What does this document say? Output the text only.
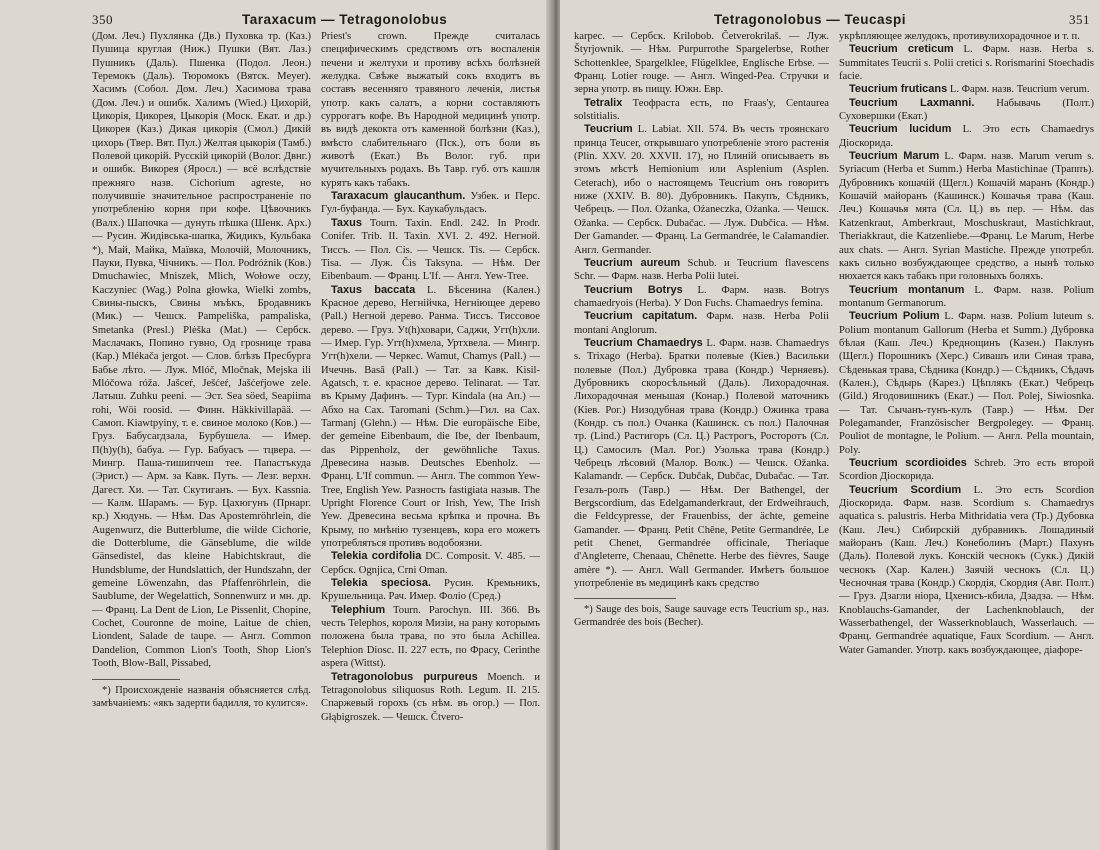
350	Taraxacum — Tetragonolobus

(Дом. Леч.) Пухлянка (Дв.) Пуховка тр. (Каз.) Пушица круглая (Ниж.) Пушки (Вят. Лаз.) Пушникъ (Даль). Пшенка (Подол. Леон.) Теремокъ (Даль). Тюромокъ (Вятск. Meyer). Хасимъ (Собол. Дом. Леч.) Хасимова трава (Дом. Леч.) и ошибк. Халимъ (Wied.) Цихорій, Цикорія, Цикорея, Цыкорія (Моск. Екат. и др.) Цикорея (Каз.) Дикая цикорія (Смол.) Дикій цихорь (Твер. Вят. Пул.) Желтая цыкорія (Тамб.) Полевой цикорій. Русскій цикорій (Волог. Двнг.) и ошибк. Викорея (Яросл.) — всё вслѣдствіе прежняго назв. Cichorium agreste, но получившіе значительное распространеніе по употребленію корня при кофе. Цѣвочникъ (Валх.) Шапочка — дунуть пѣшка (Шенк. Арх.) — Русин. Жидівська-шапка, Жидикъ, Кульбака *), Май, Майка, Маївка, Молочій, Молочникъ, Пауки, Пувка, Чічникъ. — Пол. Podróżnik (Ков.) Dmuchawiec, Mniszek, Mlich, Wołowe oczy, Kaczyniec (Wag.) Polna głowka, Wielki zombъ, Свины-пыскъ, Свины мъѣкъ, Бродавникъ (Мик.) — Чешск. Pampeliška, pampaliska, Smetanka (Presl.) Plėška (Mat.) — Сербск. Маслачакъ, Попино гувно, Од гроsнице трава (Кар.) Mlékača jergot. — Слов. блѣзъ Пресбурга Бабье лѣто. — Луж. Mlóč, Mločnak, Mejska ili Mlóčowa róža. Jašceŕ, Ješćeŕ, Jašćeŕjowe zele. Латыш. Zuhku peeni. — Эст. Sea söed, Seapiima rohi, Wöi roosid. — Финн. Häkkivillapää. — Самоп. Kiawtpyiny, т. е. свиное молоко (Ков.) — Груз. Бабусагдзала, Бурбушела. — Имер. П(h)у(h), бабуа. — Гур. Бабуасъ — тцвера. — Мингр. Паша-тишипчеш тее. Папастъкуда (Эрист.) — Арм. за Кавк. Путь. — Лезг. верхн. Дагест. Хи. — Тат. Скутиганъ. — Бух. Kassnia. — Калм. Шарамъ. — Бур. Цахюгунъ (Прнарг. кр.) Хюдунь. — Нѣм. Das Apostemröhrlein, die Augenwurz, die Butterblume, die wilde Cichorie, die Dotterblume, die Gänseblume, die wilde Gänsedistel, das kleine Habichtskraut, die Hundsblume, der Hundslattich, der Hundszahn, der gemeine Löwenzahn, das Pfaffenröhrlein, die Saublume, der Wegelattich, Sonnenwurz и мн. др. — Франц. La Dent de Lion, Le Pissenlit, Chopine, Cochet, Couronne de moine, Laitue de chien, Liondent, Salade de taupe. — Англ. Common Dandelion, Common Lion's Tooth, Shop Lion's Tooth, Blow-Ball, Pissabed,

*) Происхожденіе названія объясняется слѣд. замѣчаніемъ: «якъ задерти бадилля, то кулится».

Priest's crown. Прежде считалась специфическимъ средствомъ отъ воспаленія печени и желтухи и противу всѣхъ болѣзней желудка. Свѣже выжатый сокъ входитъ въ составъ весенняго травяного леченія, листья употр. какъ салатъ, а корни составляютъ суррогатъ кофе. Въ Народной медицинѣ употр. въ видѣ декокта отъ каменной болѣзни (Каз.), вмѣсто слабительнаго (Пск.), отъ боли въ животѣ (Екат.) Въ Волог. губ. при мучительныхъ родахъ. Въ Тавр. губ. отъ кашля курятъ какъ табакъ.

Taraxacum glaucanthum. Узбек. и Перс. Гул-буфанда. — Бух. Каукабульдасъ.

Taxus Tourn. Taxin. Endl. 242. In Prodr. Conifer. Trib. II. Taxin. XVI. 2. 492. Негной. Тиссъ. — Пол. Cis. — Чешск. Tis. — Сербск. Tisa. — Луж. Čis Taksyna. — Нѣм. Der Eibenbaum. — Франц. L'If. — Англ. Yew-Tree.

Taxus baccata L. Бѣсенина (Кален.) Красное дерево, Негнійчка, Негніющее дерево (Pall.) Негной дерево. Ранма. Тиссъ. Тиссовое дерево. — Груз. Уt(h)ховари, Саджи, Уrт(h)хли. — Имер. Гур. Уrт(h)хмела, Уртхвела. — Мингр. Уrт(h)хели. — Черкес. Wamut, Chamys (Pall.) — Ичечнь. Basâ (Pall.) — Тат. за Кавк. Kisil-Agatsch, т. е. красное дерево. Telinarat. — Тат. въ Крыму Дафинъ. — Тург. Kindala (на Ап.) — Абхо на Сах. Taromani (Schm.)—Гил. на Сах. Tarmanj (Glehn.) — Нѣм. Die europäische Eibe, der gemeine Eibenbaum, die Ibe, der Ibenbaum, das Pippenholz, der gewöhnliche Taxus. Древесина назыв. Deutsches Ebenholz. — Франц. L'If commun. — Англ. The common Yew-Tree, English Yew. Разность fastigiata назыв. The Upright Florence Court or Irish, Yew, The Irish Yew. Древесина весьма крѣпка и прочна. Въ Крыму, по мнѣнію тузенцевъ, кора его можетъ употребляться противъ водобоязни.

Telekia cordifolia DC. Composit. V. 485. — Сербск. Ognjica, Crni Oman.

Telekia speciosa. Русин. Кремьникъ, Крушельница. Рач. Имер. Фоліо (Сред.)

Telephium Tourn. Parochyn. III. 366. Въ честь Telephos, короля Мизіи, на рану которымъ положена была трава, по это была Achillea. Telephion Diosc. II. 227 есть, по Фрасу, Cerinthe aspera (Wittst).

Tetragonolobus purpureus Moench. и Tetragonolobus siliquosus Roth. Legum. II. 215. Спаржевый горохъ (съ нѣм. въ огор.) — Пол. Głąbigroszek. — Чешск. Čtvero-

Tetragonolobus — Teucaspi	351

karpec. — Сербск. Krilobob. Četverokrilaš. — Луж. Štyrjownik. — Нѣм. Purpurrothe Spargelerbse, Rother Schottenklee, Spargelklee, Flügelklee, Englische Erbse. — Франц. Lotier rouge. — Англ. Winged-Pea. Стручки и зерна употр. въ пищу. Южн. Евр.

Tetralix Теофраста есть, по Fraas'y, Centaurea solstitialis.

Teucrium L. Labiat. XII. 574. Въ честь троянскаго принца Teucer, открывшаго употребленіе этого растенія (Plin. XXV. 20. XXVII. 17), но Плинiй описываетъ въ этомъ мѣстѣ Hemionium или Asplenium (Asplen. Ceterach), ибо о настоящемъ Teucrium онъ говоритъ ниже (XXIV. В. 80). Дубровникъ. Пакупъ, Сѣдникъ, Чебрецъ. — Пол. Ożanka, Ożaneczka, Ożanka. — Чешск. Ožanka. — Сербск. Dubačac. — Луж. Dubčica. — Нѣм. Der Gamander. — Франц. La Germandrée, le Calamandier. Англ. Germander.

Teucrium aureum Schub. и Teucrium flavescens Schr. — Фарм. назв. Herba Polii lutei.

Teucrium Botrys L. Фарм. назв. Botrys chamaedryois (Herba). У Don Fuchs. Chamaedrys femina.

Teucrium capitatum. Фарм. назв. Herba Polii montani Anglorum.

Teucrium Chamaedrys L. Фарм. назв. Chamaedrys s. Trixago (Herba). Братки полевые (Кiев.) Васильки полевые (Пол.) Дубровка трава (Кондр.) Черняевъ). Дубровникъ скоросѣльный (Даль). Лихорадочная. Лихорадочная меньшая (Конар.) Полевой маточникъ (Кiев. Рог.) Низодубная трава (Кондр.) Ожинка трава (Кондр. съ пол.) Очанка (Кашинск. съ пол.) Палочная тр. (Lind.) Растигоръ (Сл. Ц.) Растрогъ, Росторотъ (Сл. Ц.) Самосилъ (Мал. Рог.) Узолька трава (Кондр.) Чебрецъ лѣсовий (Малор. Волк.) — Чешск. Ožanka. Kalamandr. — Сербск. Dubčak, Dubčac, Dubačac. — Тат. Гезалъ-ролъ (Тавр.) — Нѣм. Der Bathengel, der Bergscordium, das Edelgamanderkraut, der Erdweihrauch, die Feldcypresse, der Frauenbiss, der ächte, gemeine Gamander. — Франц. Petit Chêne, Petite Germandrée, Le petit Chenet, Germandrée officinale, Theriaque d'Angleterre, Chenaau, Chênette. Herbe des fièvres, Sauge amère *). — Англ. Wall Germander. Имѣетъ большое употребленіе въ медицинѣ какъ средство

*) Sauge des bois, Sauge sauvage есть Teucrium sp., наз. Germandrée des bois (Becher).

укрѣпляющее желудокъ, противулихорадочное и т. п.

Teucrium creticum L. Фарм. назв. Herba s. Summitates Teucrii s. Polii cretici s. Rorismarini Stoechadis facie.

Teucrium fruticans L. Фарм. назв. Teucrium verum.

Teucrium Laxmanni. Набывачь (Полт.) Суховершки (Екат.)

Teucrium lucidum L. Это есть Chamaedrys Діоскорида.

Teucrium Marum L. Фарм. назв. Marum verum s. Syriacum (Herba et Summ.) Herba Mastichinae (Траппъ). Дубровникъ кошачій (Щегл.) Кошачій маранъ (Кондр.) Кошачій майоранъ (Кашинск.) Кошачья трава (Каш. Леч.) Кошачья мята (Сл. Ц.) въ пер. — Нѣм. das Katzenkraut, Amberkraut, Moschuskraut, Mastichkraut, Theriakkraut, die Katzenliebe.—Франц. Le Marum, Herbe aux chats. — Англ. Syrian Mastiche. Прежде употребл. какъ сильно возбуждающее средство, а нынѣ только нюхается какъ табакъ при головныхъ боляхъ.

Teucrium montanum L. Фарм. назв. Polium montanum Germanorum.

Teucrium Polium L. Фарм. назв. Polium luteum s. Polium montanum Gallorum (Herba et Summ.) Дубровка бѣлая (Каш. Леч.) Креднощинъ (Казен.) Паклунъ (Щегл.) Порошникъ (Херс.) Сивашъ или Синая трава, Сѣденькая трава, Сѣдника (Кондр.) — Сѣдникъ, Сѣдачъ (Кален.), Сѣдырь (Карез.) Цѣплякъ (Екат.) Чебрецъ (Gild.) Ягодовишникъ (Екат.) — Пол. Poleј, Siwiosnka. — Тат. Сычанъ-тунъ-кулъ (Тавр.) — Нѣм. Der Polegamander, Französischer Bergpolegey. — Франц. Pouliot de montagne, le Polium. — Англ. Pella mountain, Poly.

Teucrium scordioides Schreb. Это есть второй Scordion Діоскорида.

Teucrium Scordium L. Это есть Scordion Діоскорида. Фарм. назв. Scordium s. Chamaedrys aquatica s. palustris. Herba Mithridatia vera (Тр.) Дубовка (Каш. Леч.) Сибирскій дубравникъ. Лошадиный майоранъ (Каш. Леч.) Конеболинъ (Март.) Пахунъ (Даль). Полевой лукъ. Конскій чеснокъ (Сукк.) Дикій чеснокъ (Хар. Кален.) Заячій чеснокъ (Сл. Ц.) Чесночная трава (Кондр.) Скордія, Скордия (Авг. Полт.) — Груз. Дзагли ніора, Цхенисъ-кбила, Дзадза. — Нѣм. Knoblauchs-Gamander, der Lachenknoblauch, der Wasserbathengel, der Wasserknoblauch, Wasserlauch. — Франц. Germandrée aquatique, Faux Scordium. — Англ. Water Gamander. Употр. какъ возбуждающее, діафоре-
